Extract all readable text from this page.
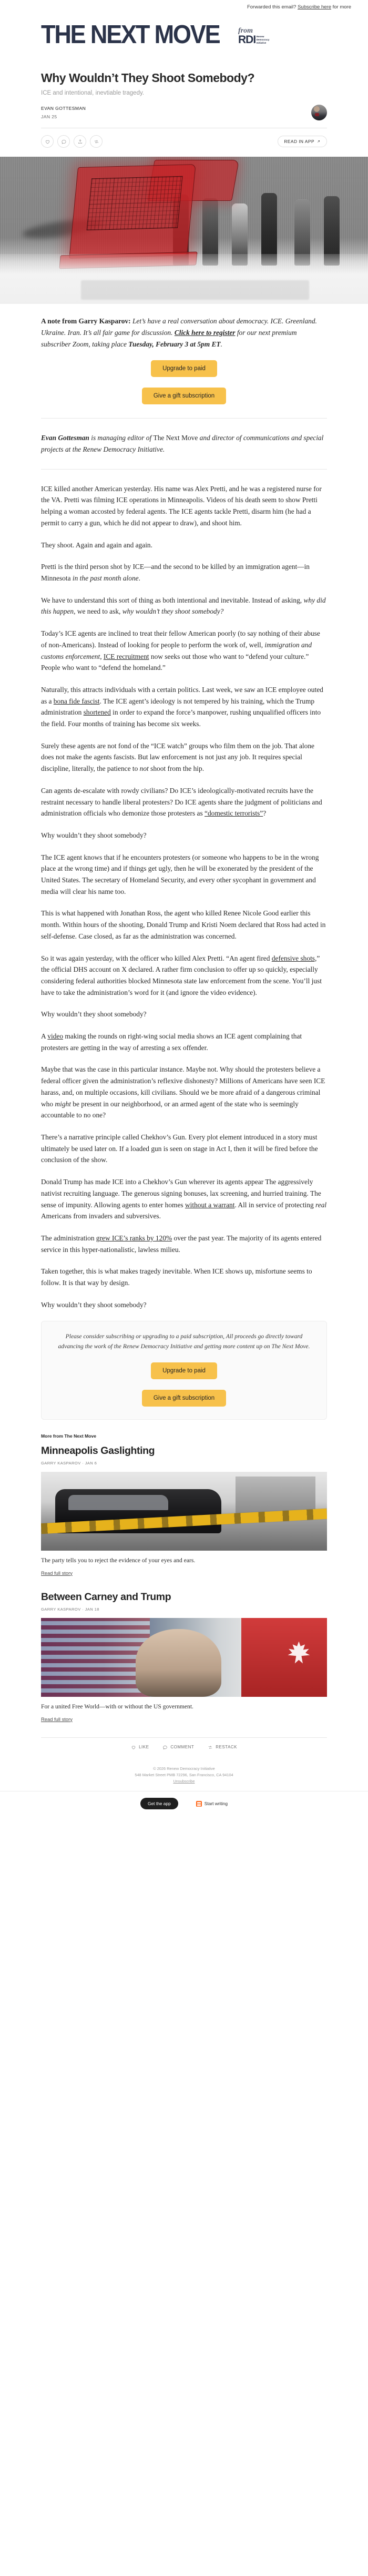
Forwarded this email? Subscribe here for more
THE NEXT MOVE	from
RDI Renew
Democracy
Initiative
Why Wouldn’t They Shoot Somebody?
ICE and intentional, inevtiable tragedy.
EVAN GOTTESMAN
JAN 25
READ IN APP

A note from Garry Kasparov: Let’s have a real conversation about democracy. ICE. Greenland. Ukraine. Iran. It’s all fair game for discussion. Click here to register for our next premium subscriber Zoom, taking place Tuesday, February 3 at 5pm ET.

Upgrade to paid
Give a gift subscription

Evan Gottesman is managing editor of The Next Move and director of communications and special projects at the Renew Democracy Initiative.

ICE killed another American yesterday. His name was Alex Pretti, and he was a registered nurse for the VA. Pretti was filming ICE operations in Minneapolis. Videos of his death seem to show Pretti helping a woman accosted by federal agents. The ICE agents tackle Pretti, disarm him (he had a permit to carry a gun, which he did not appear to draw), and shoot him.

They shoot. Again and again and again.

Pretti is the third person shot by ICE—and the second to be killed by an immigration agent—in Minnesota in the past month alone.

We have to understand this sort of thing as both intentional and inevitable. Instead of asking, why did this happen, we need to ask, why wouldn’t they shoot somebody?

Today’s ICE agents are inclined to treat their fellow American poorly (to say nothing of their abuse of non-Americans). Instead of looking for people to perform the work of, well, immigration and customs enforcement, ICE recruitment now seeks out those who want to “defend your culture.” People who want to “defend the homeland.”

Naturally, this attracts individuals with a certain politics. Last week, we saw an ICE employee outed as a bona fide fascist. The ICE agent’s ideology is not tempered by his training, which the Trump administration shortened in order to expand the force’s manpower, rushing unqualified officers into the field. Four months of training has become six weeks.

Surely these agents are not fond of the “ICE watch” groups who film them on the job. That alone does not make the agents fascists. But law enforcement is not just any job. It requires special discipline, literally, the patience to not shoot from the hip.

Can agents de-escalate with rowdy civilians? Do ICE’s ideologically-motivated recruits have the restraint necessary to handle liberal protesters? Do ICE agents share the judgment of politicians and administration officials who demonize those protesters as “domestic terrorists”?

Why wouldn’t they shoot somebody?

The ICE agent knows that if he encounters protesters (or someone who happens to be in the wrong place at the wrong time) and if things get ugly, then he will be exonerated by the president of the United States. The secretary of Homeland Security, and every other sycophant in government and media will clear his name too.

This is what happened with Jonathan Ross, the agent who killed Renee Nicole Good earlier this month. Within hours of the shooting, Donald Trump and Kristi Noem declared that Ross had acted in self-defense. Case closed, as far as the administration was concerned.

So it was again yesterday, with the officer who killed Alex Pretti. “An agent fired defensive shots,” the official DHS account on X declared. A rather firm conclusion to offer up so quickly, especially considering federal authorities blocked Minnesota state law enforcement from the scene. You’ll just have to take the administration’s word for it (and ignore the video evidence).

Why wouldn’t they shoot somebody?

A video making the rounds on right-wing social media shows an ICE agent complaining that protesters are getting in the way of arresting a sex offender.

Maybe that was the case in this particular instance. Maybe not. Why should the protesters believe a federal officer given the administration’s reflexive dishonesty? Millions of Americans have seen ICE harass, and, on multiple occasions, kill civilians. Should we be more afraid of a dangerous criminal who might be present in our neighborhood, or an armed agent of the state who is seemingly accountable to no one?

There’s a narrative principle called Chekhov’s Gun. Every plot element introduced in a story must ultimately be used later on. If a loaded gun is seen on stage in Act I, then it will be fired before the conclusion of the show.

Donald Trump has made ICE into a Chekhov’s Gun wherever its agents appear The aggressively nativist recruiting language. The generous signing bonuses, lax screening, and hurried training. The sense of impunity. Allowing agents to enter homes without a warrant. All in service of protecting real Americans from invaders and subversives.

The administration grew ICE’s ranks by 120% over the past year. The majority of its agents entered service in this hyper-nationalistic, lawless milieu.

Taken together, this is what makes tragedy inevitable. When ICE shows up, misfortune seems to follow. It is that way by design.

Why wouldn’t they shoot somebody?

Please consider subscribing or upgrading to a paid subscription, All proceeds go directly toward advancing the work of the Renew Democracy Initiative and getting more content up on The Next Move.

Upgrade to paid
Give a gift subscription
More from The Next Move
Minneapolis Gaslighting
GARRY KASPAROV · JAN 6
The party tells you to reject the evidence of your eyes and ears.
Read full story
Between Carney and Trump
GARRY KASPAROV · JAN 18
For a united Free World—with or without the US government.
Read full story
LIKE	COMMENT	RESTACK
© 2026 Renew Democracy Initiative
548 Market Street PMB 72296, San Francisco, CA 94104
Unsubscribe
Get the app	Start writing
